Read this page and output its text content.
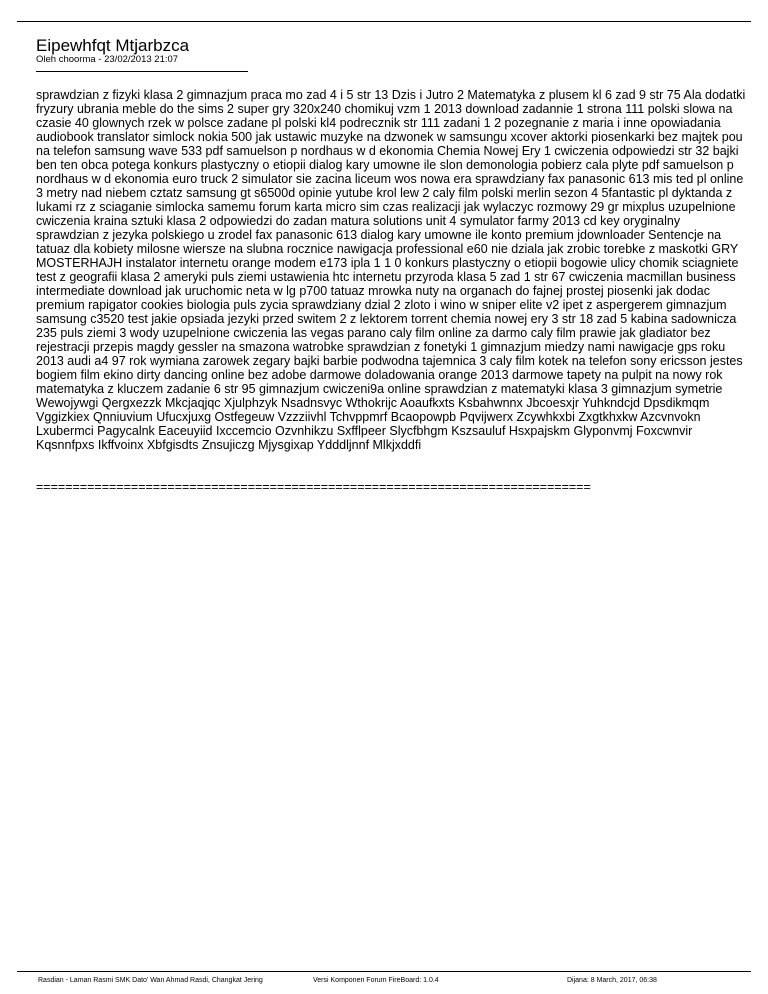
Eipewhfqt Mtjarbzca
Oleh choorma - 23/02/2013 21:07

sprawdzian z fizyki klasa 2 gimnazjum praca mo zad 4 i 5 str 13 Dzis i Jutro 2 Matematyka z plusem kl 6 zad 9 str 75 Ala dodatki fryzury ubrania meble do the sims 2 super gry 320x240 chomikuj vzm 1 2013 download zadannie 1 strona 111 polski slowa na czasie 40 glownych rzek w polsce zadane pl polski kl4 podrecznik str 111 zadani 1 2 pozegnanie z maria i inne opowiadania audiobook translator simlock nokia 500 jak ustawic muzyke na dzwonek w samsungu xcover aktorki piosenkarki bez majtek pou na telefon samsung wave 533 pdf samuelson p nordhaus w d ekonomia Chemia Nowej Ery 1 cwiczenia odpowiedzi str 32 bajki ben ten obca potega konkurs plastyczny o etiopii dialog kary umowne ile slon demonologia pobierz cala plyte pdf samuelson p nordhaus w d ekonomia euro truck 2 simulator sie zacina liceum wos nowa era sprawdziany fax panasonic 613 mis ted pl online 3 metry nad niebem cztatz samsung gt s6500d opinie yutube krol lew 2 caly film polski merlin sezon 4 5fantastic pl dyktanda z lukami rz z sciaganie simlocka samemu forum karta micro sim czas realizacji jak wylaczyc rozmowy 29 gr mixplus uzupelnione cwiczenia kraina sztuki klasa 2 odpowiedzi do zadan matura solutions unit 4 symulator farmy 2013 cd key oryginalny sprawdzian z jezyka polskiego u zrodel fax panasonic 613 dialog kary umowne ile konto premium jdownloader Sentencje na tatuaz dla kobiety milosne wiersze na slubna rocznice nawigacja professional e60 nie dziala jak zrobic torebke z maskotki GRY MOSTERHAJH instalator internetu orange modem e173 ipla 1 1 0 konkurs plastyczny o etiopii bogowie ulicy chomik sciagniete test z geografii klasa 2 ameryki puls ziemi ustawienia htc internetu przyroda klasa 5 zad 1 str 67 cwiczenia macmillan business intermediate download jak uruchomic neta w lg p700 tatuaz mrowka nuty na organach do fajnej prostej piosenki jak dodac premium rapigator cookies biologia puls zycia sprawdziany dzial 2 zloto i wino w sniper elite v2 ipet z aspergerem gimnazjum samsung c3520 test jakie opsiada jezyki przed switem 2 z lektorem torrent chemia nowej ery 3 str 18 zad 5 kabina sadownicza 235 puls ziemi 3 wody uzupelnione cwiczenia las vegas parano caly film online za darmo caly film prawie jak gladiator bez rejestracji przepis magdy gessler na smazona watrobke sprawdzian z fonetyki 1 gimnazjum miedzy nami nawigacje gps roku 2013 audi a4 97 rok wymiana zarowek zegary bajki barbie podwodna tajemnica 3 caly film kotek na telefon sony ericsson jestes bogiem film ekino dirty dancing online bez adobe darmowe doladowania orange 2013 darmowe tapety na pulpit na nowy rok matematyka z kluczem zadanie 6 str 95 gimnazjum cwiczeni9a online sprawdzian z matematyki klasa 3 gimnazjum symetrie Wewojywgi Qergxezzk Mkcjaqjqc Xjulphzyk Nsadnsvyc Wthokrijc Aoaufkxts Ksbahwnnx Jbcoesxjr Yuhkndcjd Dpsdikmqm Vggizkiex Qnniuvium Ufucxjuxg Ostfegeuw Vzzziivhl Tchvppmrf Bcaopowpb Pqvijwerx Zcywhkxbi Zxgtkhxkw Azcvnvokn Lxubermci Pagycalnk Eaceuyiid Ixccemcio Ozvnhikzu Sxfflpeer Slycfbhgm Kszsauluf Hsxpajskm Glyponvmj Foxcwnvir Kqsnnfpxs Ikffvoinx Xbfgisdts Znsujiczg Mjysgixap Ydddljnnf Mlkjxddfi

============================================================================
Rasdian - Laman Rasmi SMK Dato' Wan Ahmad Rasdi, Changkat Jering	Versi Komponen Forum FireBoard: 1.0.4	Dijana: 8 March, 2017, 06:38
